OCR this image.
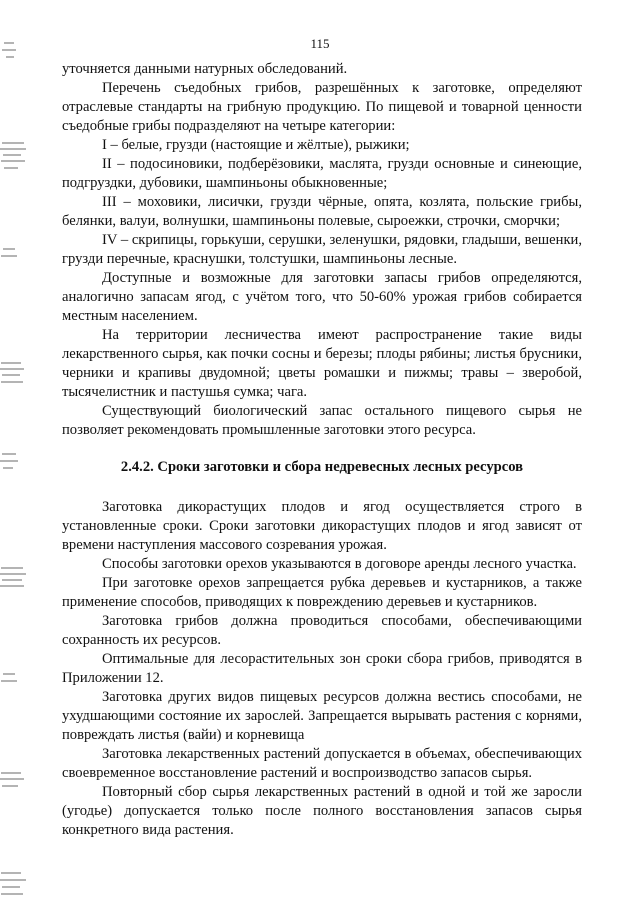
115

уточняется данными натурных обследований.

Перечень съедобных грибов, разрешённых к заготовке, определяют отраслевые стандарты на грибную продукцию. По пищевой и товарной ценности съедобные грибы подразделяют на четыре категории:

I – белые, грузди (настоящие и жёлтые), рыжики;

II – подосиновики, подберёзовики, маслята, грузди основные и синеющие, подгруздки, дубовики, шампиньоны обыкновенные;

III – моховики, лисички, грузди чёрные, опята, козлята, польские грибы, белянки, валуи, волнушки, шампиньоны полевые, сыроежки, строчки, сморчки;

IV – скрипицы, горькуши, серушки, зеленушки, рядовки, гладыши, вешенки, грузди перечные, краснушки, толстушки, шампиньоны лесные.

Доступные и возможные для заготовки запасы грибов определяются, аналогично запасам ягод, с учётом того, что 50-60% урожая грибов собирается местным населением.

На территории лесничества имеют распространение такие виды лекарственного сырья, как почки сосны и березы; плоды рябины; листья брусники, черники и крапивы двудомной; цветы ромашки и пижмы; травы – зверобой, тысячелистник и пастушья сумка; чага.

Существующий биологический запас остального пищевого сырья не позволяет рекомендовать промышленные заготовки этого ресурса.

2.4.2. Сроки заготовки и сбора недревесных лесных ресурсов

Заготовка дикорастущих плодов и ягод осуществляется строго в установленные сроки. Сроки заготовки дикорастущих плодов и ягод зависят от времени наступления массового созревания урожая.

Способы заготовки орехов указываются в договоре аренды лесного участка.

При заготовке орехов запрещается рубка деревьев и кустарников, а также применение способов, приводящих к повреждению деревьев и кустарников.

Заготовка грибов должна проводиться способами, обеспечивающими сохранность их ресурсов.

Оптимальные для лесорастительных зон сроки сбора грибов, приводятся в Приложении 12.

Заготовка других видов пищевых ресурсов должна вестись способами, не ухудшающими состояние их зарослей. Запрещается вырывать растения с корнями, повреждать листья (вайи) и корневища

Заготовка лекарственных растений допускается в объемах, обеспечивающих своевременное восстановление растений и воспроизводство запасов сырья.

Повторный сбор сырья лекарственных растений в одной и той же заросли (угодье) допускается только после полного восстановления запасов сырья конкретного вида растения.
